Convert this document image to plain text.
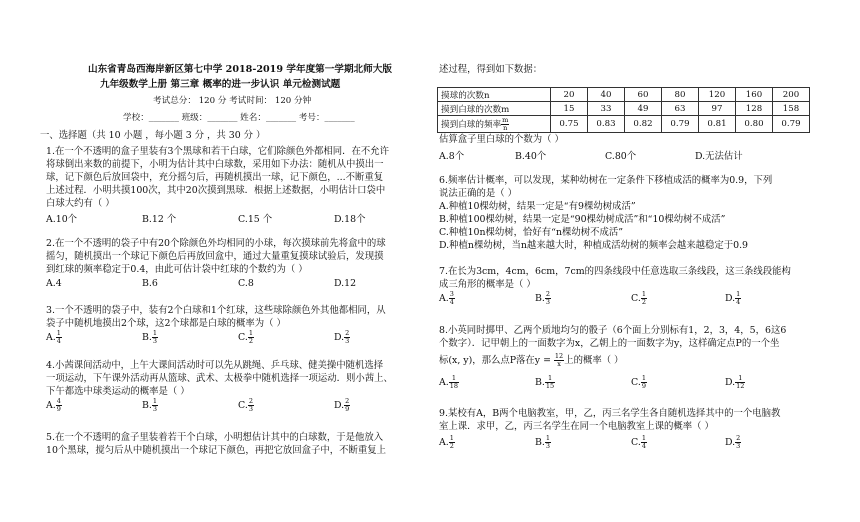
山东省青岛西海岸新区第七中学 2018-2019 学年度第一学期北师大版
九年级数学上册 第三章 概率的进一步认识 单元检测试题
考试总分： 120 分 考试时间： 120 分钟
学校：_______ 班级：_______ 姓名：_______ 考号：_______
一、选择题（共 10 小题 ，每小题 3 分 ，共 30 分 ）
1.在一个不透明的盒子里装有3个黑球和若干白球，它们除颜色外都相同．在不允许
将球倒出来数的前提下，小明为估计其中白球数，采用如下办法：随机从中摸出一
球，记下颜色后放回袋中，充分摇匀后，再随机摸出一球，记下颜色，...不断重复
上述过程．小明共摸100次，其中20次摸到黑球．根据上述数据，小明估计口袋中
白球大约有（ ）
A.10个	B.12 个	C.15 个	D.18个
2.在一个不透明的袋子中有20个除颜色外均相同的小球，每次摸球前先将盒中的球
摇匀，随机摸出一个球记下颜色后再放回盒中，通过大量重复摸球试验后，发现摸
到红球的频率稳定于0.4，由此可估计袋中红球的个数约为（ ）
A.4	B.6	C.8	D.12
3.一个不透明的袋子中，装有2个白球和1个红球，这些球除颜色外其他都相同，从
袋子中随机地摸出2个球，这2个球都是白球的概率为（ ）
A. $\frac{1}{4}$	B. $\frac{1}{3}$	C. $\frac{1}{2}$	D. $\frac{2}{3}$
4.小茜课间活动中，上午大课间活动时可以先从跳绳、乒乓球、健美操中随机选择
一项运动，下午课外活动再从篮球、武术、太极拳中随机选择一项运动．则小茜上、
下午都选中球类运动的概率是（ ）
A. $\frac{4}{9}$	B. $\frac{1}{3}$	C. $\frac{2}{3}$	D. $\frac{2}{9}$
5.在一个不透明的盒子里装着若干个白球，小明想估计其中的白球数，于是他放入
10个黑球，搅匀后从中随机摸出一个球记下颜色，再把它放回盒子中，不断重复上
述过程，得到如下数据：
摸球的次数n	20	40	60	80	120	160	200
摸到白球的次数m	15	33	49	63	97	128	158
摸到白球的频率 $\frac{m}{n}$	0.75	0.83	0.82	0.79	0.81	0.80	0.79
估算盒子里白球的个数为（ ）
A.8个	B.40个	C.80个	D.无法估计
6.频率估计概率，可以发现，某种幼树在一定条件下移植成活的概率为0.9，下列
说法正确的是（ ）
A.种植10棵幼树，结果一定是“有9棵幼树成活”
B.种植100棵幼树，结果一定是“90棵幼树成活”和“10棵幼树不成活”
C.种植10n棵幼树，恰好有“n棵幼树不成活”
D.种植n棵幼树，当n越来越大时，种植成活幼树的频率会越来越稳定于0.9
7.在长为3cm，4cm，6cm，7cm的四条线段中任意选取三条线段，这三条线段能构
成三角形的概率是（ ）
A. $\frac{3}{4}$	B. $\frac{2}{3}$	C. $\frac{1}{2}$	D. $\frac{1}{4}$
8.小英同时掷甲、乙两个质地均匀的骰子（6个面上分别标有1，2，3，4，5，6这6
个数字）．记甲朝上的一面数字为x，乙朝上的一面数字为y，这样确定点P的一个坐
标(x, y)，那么点P落在$y = \frac{12}{x}$ 上的概率（ ）
A. $\frac{1}{18}$	B. $\frac{1}{15}$	C. $\frac{1}{9}$	D. $\frac{1}{12}$
9.某校有A，B两个电脑教室，甲，乙，丙三名学生各自随机选择其中的一个电脑教
室上课．求甲，乙，丙三名学生在同一个电脑教室上课的概率（ ）
A. $\frac{1}{2}$	B. $\frac{1}{3}$	C. $\frac{1}{4}$	D. $\frac{2}{3}$
